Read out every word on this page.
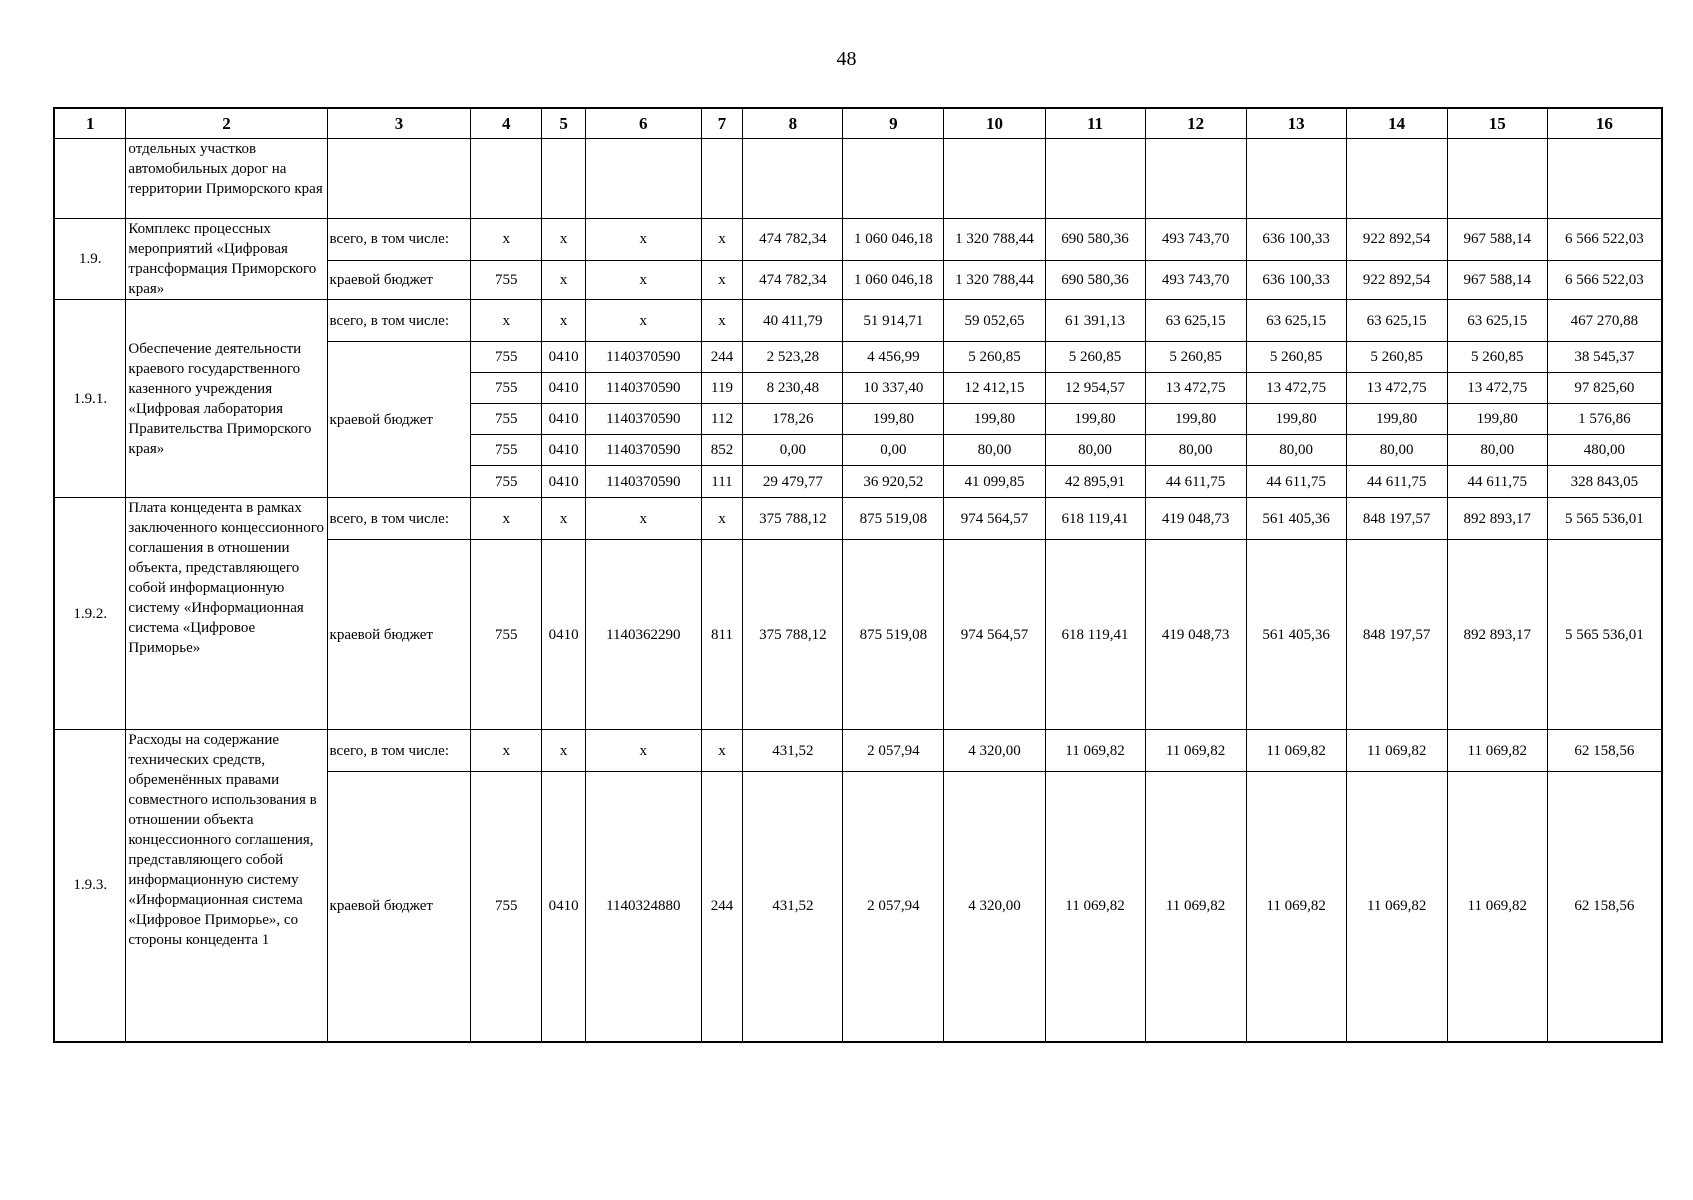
48
1	2	3	4	5	6	7	8	9	10	11	12	13	14	15	16
	отдельных участков автомобильных дорог на территории Приморского края														
1.9.	Комплекс процессных мероприятий «Цифровая трансформация Приморского края»	всего, в том числе:	х	х	х	х	474 782,34	1 060 046,18	1 320 788,44	690 580,36	493 743,70	636 100,33	922 892,54	967 588,14	6 566 522,03
		краевой бюджет	755	х	х	х	474 782,34	1 060 046,18	1 320 788,44	690 580,36	493 743,70	636 100,33	922 892,54	967 588,14	6 566 522,03
1.9.1.	Обеспечение деятельности краевого государственного казенного учреждения «Цифровая лаборатория Правительства Приморского края»	всего, в том числе:	х	х	х	х	40 411,79	51 914,71	59 052,65	61 391,13	63 625,15	63 625,15	63 625,15	63 625,15	467 270,88
		краевой бюджет	755	0410	1140370590	244	2 523,28	4 456,99	5 260,85	5 260,85	5 260,85	5 260,85	5 260,85	5 260,85	38 545,37
			755	0410	1140370590	119	8 230,48	10 337,40	12 412,15	12 954,57	13 472,75	13 472,75	13 472,75	13 472,75	97 825,60
			755	0410	1140370590	112	178,26	199,80	199,80	199,80	199,80	199,80	199,80	199,80	1 576,86
			755	0410	1140370590	852	0,00	0,00	80,00	80,00	80,00	80,00	80,00	80,00	480,00
			755	0410	1140370590	111	29 479,77	36 920,52	41 099,85	42 895,91	44 611,75	44 611,75	44 611,75	44 611,75	328 843,05
1.9.2.	Плата концедента в рамках заключенного концессионного соглашения в отношении объекта, представляющего собой информационную систему «Информационная система «Цифровое Приморье»	всего, в том числе:	х	х	х	х	375 788,12	875 519,08	974 564,57	618 119,41	419 048,73	561 405,36	848 197,57	892 893,17	5 565 536,01
		краевой бюджет	755	0410	1140362290	811	375 788,12	875 519,08	974 564,57	618 119,41	419 048,73	561 405,36	848 197,57	892 893,17	5 565 536,01
1.9.3.	Расходы на содержание технических средств, обременённых правами совместного использования в отношении объекта концессионного соглашения, представляющего собой информационную систему «Информационная система «Цифровое Приморье», со стороны концедента 1	всего, в том числе:	х	х	х	х	431,52	2 057,94	4 320,00	11 069,82	11 069,82	11 069,82	11 069,82	11 069,82	62 158,56
		краевой бюджет	755	0410	1140324880	244	431,52	2 057,94	4 320,00	11 069,82	11 069,82	11 069,82	11 069,82	11 069,82	62 158,56
